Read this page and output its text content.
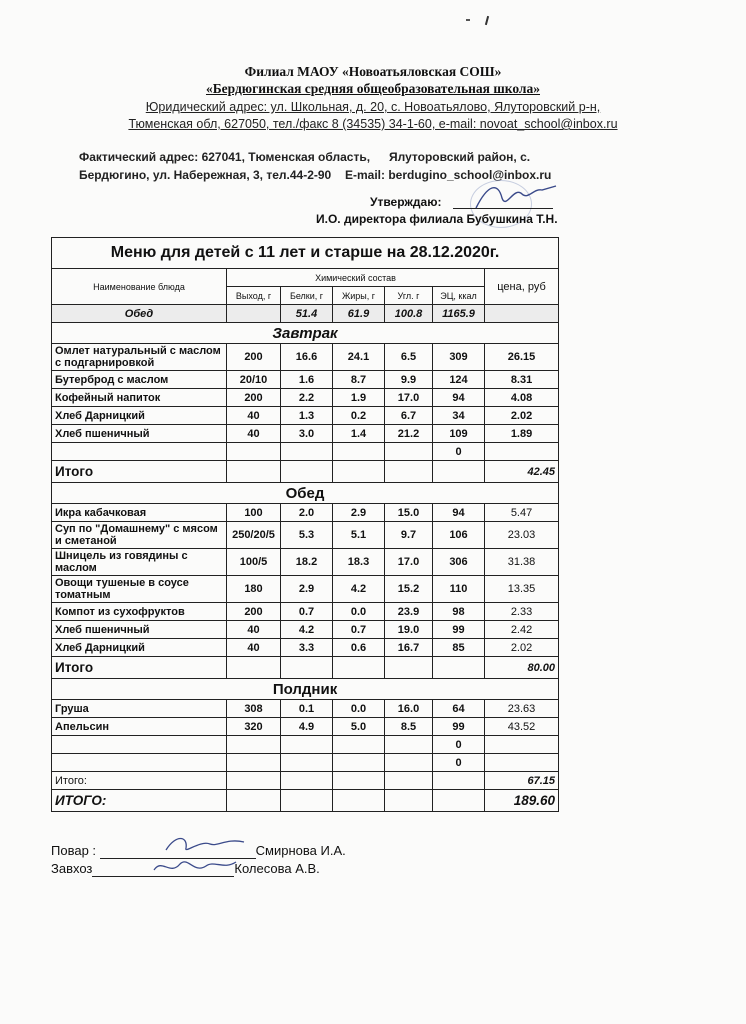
Филиал МАОУ «Новоатьяловская СОШ»
«Бердюгинская средняя общеобразовательная школа»
Юридический адрес: ул. Школьная, д. 20, с. Новоатьялово, Ялуторовский р-н,
Тюменская обл, 627050, тел./факс 8 (34535) 34-1-60, e-mail: novoat_school@inbox.ru
Фактический адрес: 627041, Тюменская область, Ялуторовский район, с.
Бердюгино, ул. Набережная, 3, тел.44-2-90 E-mail: berdugino_school@inbox.ru
Утверждаю:
И.О. директора филиала Бубушкина Т.Н.
Меню для детей с 11 лет и старше на 28.12.2020г.						
Наименование блюда	Химический состав					цена, руб
	Выход, г	Белки, г	Жиры, г	Угл. г	ЭЦ, ккал	
Обед		51.4	61.9	100.8	1165.9	
Завтрак						
Омлет натуральный с маслом с подгарнировкой	200	16.6	24.1	6.5	309	26.15
Бутерброд с маслом	20/10	1.6	8.7	9.9	124	8.31
Кофейный напиток	200	2.2	1.9	17.0	94	4.08
Хлеб Дарницкий	40	1.3	0.2	6.7	34	2.02
Хлеб пшеничный	40	3.0	1.4	21.2	109	1.89
					0	
Итого						42.45
Обед						
Икра кабачковая	100	2.0	2.9	15.0	94	5.47
Суп по "Домашнему" с мясом и сметаной	250/20/5	5.3	5.1	9.7	106	23.03
Шницель из говядины с маслом	100/5	18.2	18.3	17.0	306	31.38
Овощи тушеные в соусе томатным	180	2.9	4.2	15.2	110	13.35
Компот из сухофруктов	200	0.7	0.0	23.9	98	2.33
Хлеб пшеничный	40	4.2	0.7	19.0	99	2.42
Хлеб Дарницкий	40	3.3	0.6	16.7	85	2.02
Итого						80.00
Полдник						
Груша	308	0.1	0.0	16.0	64	23.63
Апельсин	320	4.9	5.0	8.5	99	43.52
					0	
					0	
Итого:						67.15
ИТОГО:						189.60
Повар :	Смирнова И.А.
Завхоз	Колесова А.В.
